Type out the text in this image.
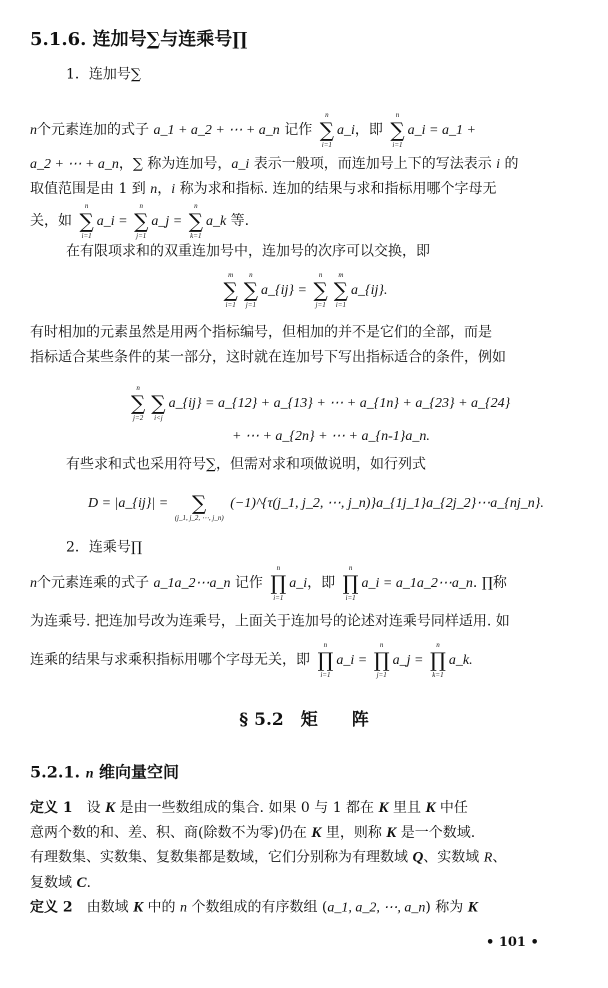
5.1.6. 连加号∑与连乘号∏
1．连加号∑
n个元素连加的式子 a_1 + a_2 + ⋯ + a_n 记作
n
∑
i=1
a_i，即
n
∑
i=1
a_i = a_1 +
a_2 + ⋯ + a_n，∑ 称为连加号，a_i 表示一般项，而连加号上下的写法表示 i 的
取值范围是由 1 到 n，i 称为求和指标. 连加的结果与求和指标用哪个字母无
关，如
n
∑
i=1
a_i =
n
∑
j=1
a_j =
n
∑
k=1
a_k 等.
在有限项求和的双重连加号中，连加号的次序可以交换，即
m
∑
i=1
n
∑
j=1
a_{ij} =
n
∑
j=1
m
∑
i=1
a_{ij}.
有时相加的元素虽然是用两个指标编号，但相加的并不是它们的全部，而是
指标适合某些条件的某一部分，这时就在连加号下写出指标适合的条件，例如
n
∑
j=2
∑
i<j
a_{ij} = a_{12} + a_{13} + ⋯ + a_{1n} + a_{23} + a_{24}
+ ⋯ + a_{2n} + ⋯ + a_{n-1}a_n.
有些求和式也采用符号∑，但需对求和项做说明，如行列式
D = |a_{ij}| = ∑
(j_1, j_2, ⋯, j_n)
(−1)^{τ(j_1, j_2, ⋯, j_n)}a_{1j_1}a_{2j_2}⋯a_{nj_n}.
2．连乘号∏
n个元素连乘的式子 a_1a_2⋯a_n 记作
n
∏
i=1
a_i，即
n
∏
i=1
a_i = a_1a_2⋯a_n. ∏称
为连乘号. 把连加号改为连乘号，上面关于连加号的论述对连乘号同样适用. 如
连乘的结果与求乘积指标用哪个字母无关，即
n
∏
i=1
a_i =
n
∏
j=1
a_j =
n
∏
k=1
a_k.
§ 5.2　矩　　阵
5.2.1. n 维向量空间
定义 1　设 K 是由一些数组成的集合. 如果 0 与 1 都在 K 里且 K 中任
意两个数的和、差、积、商(除数不为零)仍在 K 里，则称 K 是一个数域.
有理数集、实数集、复数集都是数域，它们分别称为有理数域 Q、实数域 R、
复数域 C.
定义 2　由数域 K 中的 n 个数组成的有序数组 (a_1, a_2, ⋯, a_n) 称为 K
• 101 •
